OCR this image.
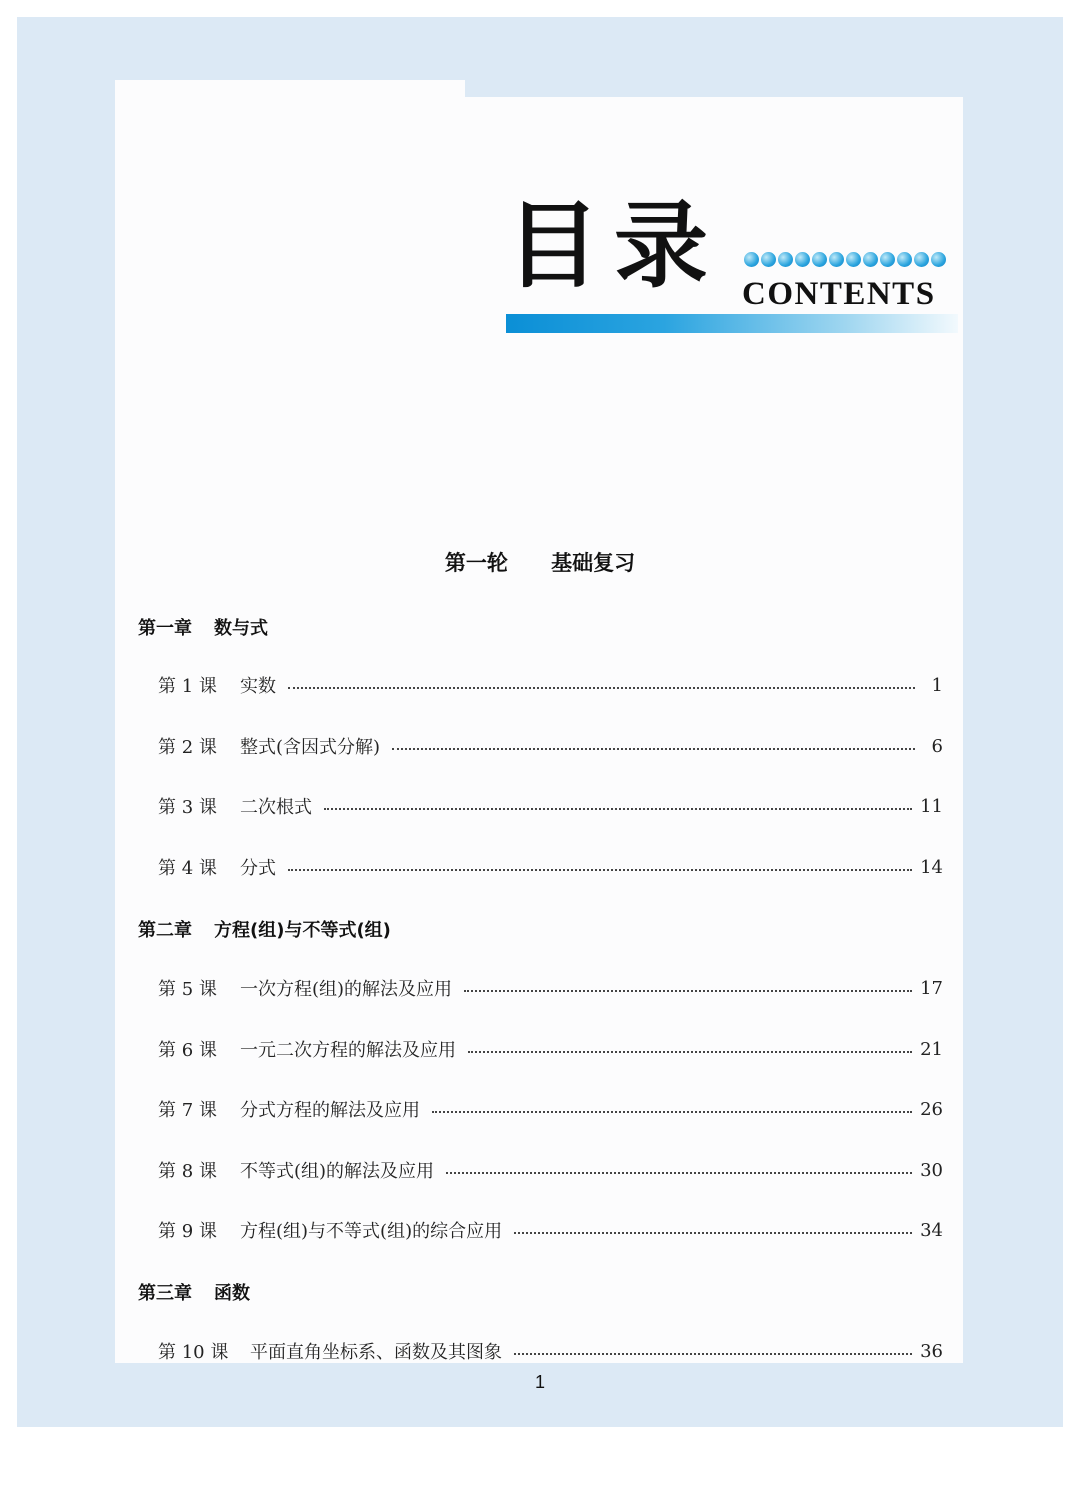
目录 CONTENTS
第一轮 基础复习
第一章 数与式
第 1 课	实数	1
第 2 课	整式(含因式分解)	6
第 3 课	二次根式	11
第 4 课	分式	14
第二章 方程(组)与不等式(组)
第 5 课	一次方程(组)的解法及应用	17
第 6 课	一元二次方程的解法及应用	21
第 7 课	分式方程的解法及应用	26
第 8 课	不等式(组)的解法及应用	30
第 9 课	方程(组)与不等式(组)的综合应用	34
第三章 函数
第 10 课	平面直角坐标系、函数及其图象	36
1
